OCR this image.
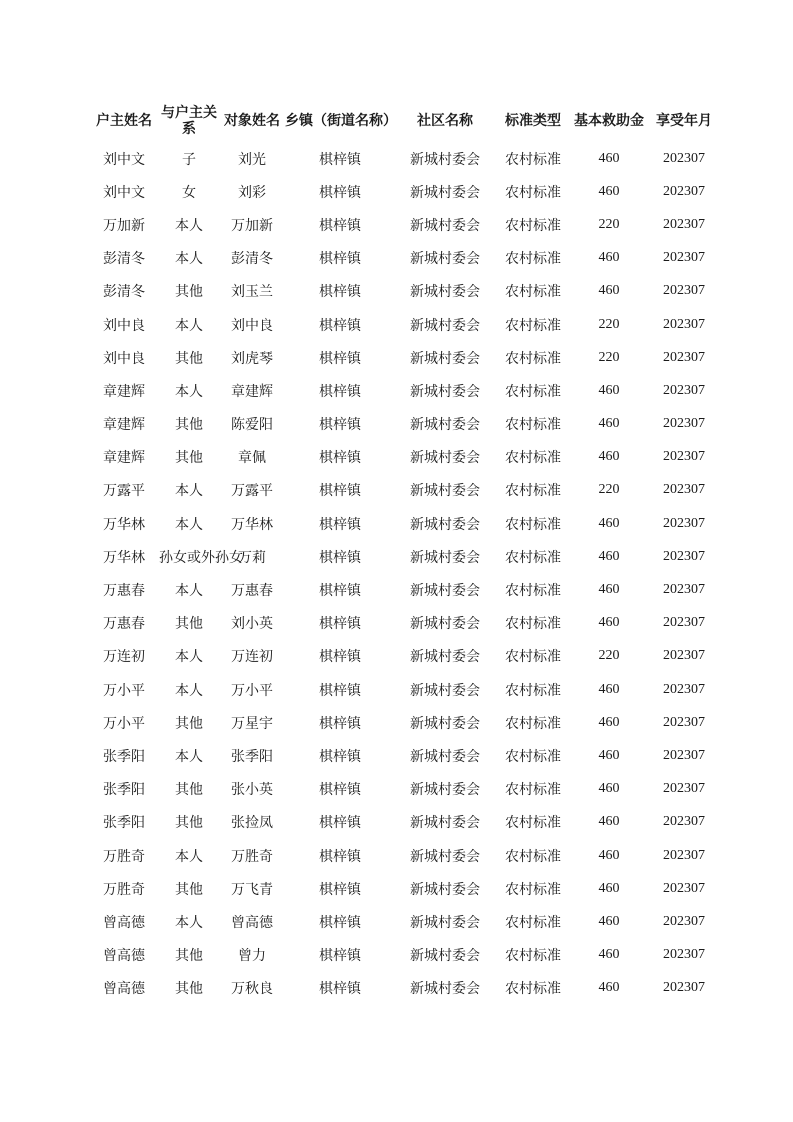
户主姓名	与户主关系	对象姓名	乡镇（街道名称）	社区名称	标准类型	基本救助金	享受年月
刘中文	子	刘光	棋梓镇	新城村委会	农村标准	460	202307
刘中文	女	刘彩	棋梓镇	新城村委会	农村标准	460	202307
万加新	本人	万加新	棋梓镇	新城村委会	农村标准	220	202307
彭清冬	本人	彭清冬	棋梓镇	新城村委会	农村标准	460	202307
彭清冬	其他	刘玉兰	棋梓镇	新城村委会	农村标准	460	202307
刘中良	本人	刘中良	棋梓镇	新城村委会	农村标准	220	202307
刘中良	其他	刘虎琴	棋梓镇	新城村委会	农村标准	220	202307
章建辉	本人	章建辉	棋梓镇	新城村委会	农村标准	460	202307
章建辉	其他	陈爱阳	棋梓镇	新城村委会	农村标准	460	202307
章建辉	其他	章佩	棋梓镇	新城村委会	农村标准	460	202307
万露平	本人	万露平	棋梓镇	新城村委会	农村标准	220	202307
万华林	本人	万华林	棋梓镇	新城村委会	农村标准	460	202307
万华林	孙女或外孙女	万莉	棋梓镇	新城村委会	农村标准	460	202307
万惠春	本人	万惠春	棋梓镇	新城村委会	农村标准	460	202307
万惠春	其他	刘小英	棋梓镇	新城村委会	农村标准	460	202307
万连初	本人	万连初	棋梓镇	新城村委会	农村标准	220	202307
万小平	本人	万小平	棋梓镇	新城村委会	农村标准	460	202307
万小平	其他	万星宇	棋梓镇	新城村委会	农村标准	460	202307
张季阳	本人	张季阳	棋梓镇	新城村委会	农村标准	460	202307
张季阳	其他	张小英	棋梓镇	新城村委会	农村标准	460	202307
张季阳	其他	张捡凤	棋梓镇	新城村委会	农村标准	460	202307
万胜奇	本人	万胜奇	棋梓镇	新城村委会	农村标准	460	202307
万胜奇	其他	万飞青	棋梓镇	新城村委会	农村标准	460	202307
曾高德	本人	曾高德	棋梓镇	新城村委会	农村标准	460	202307
曾高德	其他	曾力	棋梓镇	新城村委会	农村标准	460	202307
曾高德	其他	万秋良	棋梓镇	新城村委会	农村标准	460	202307
